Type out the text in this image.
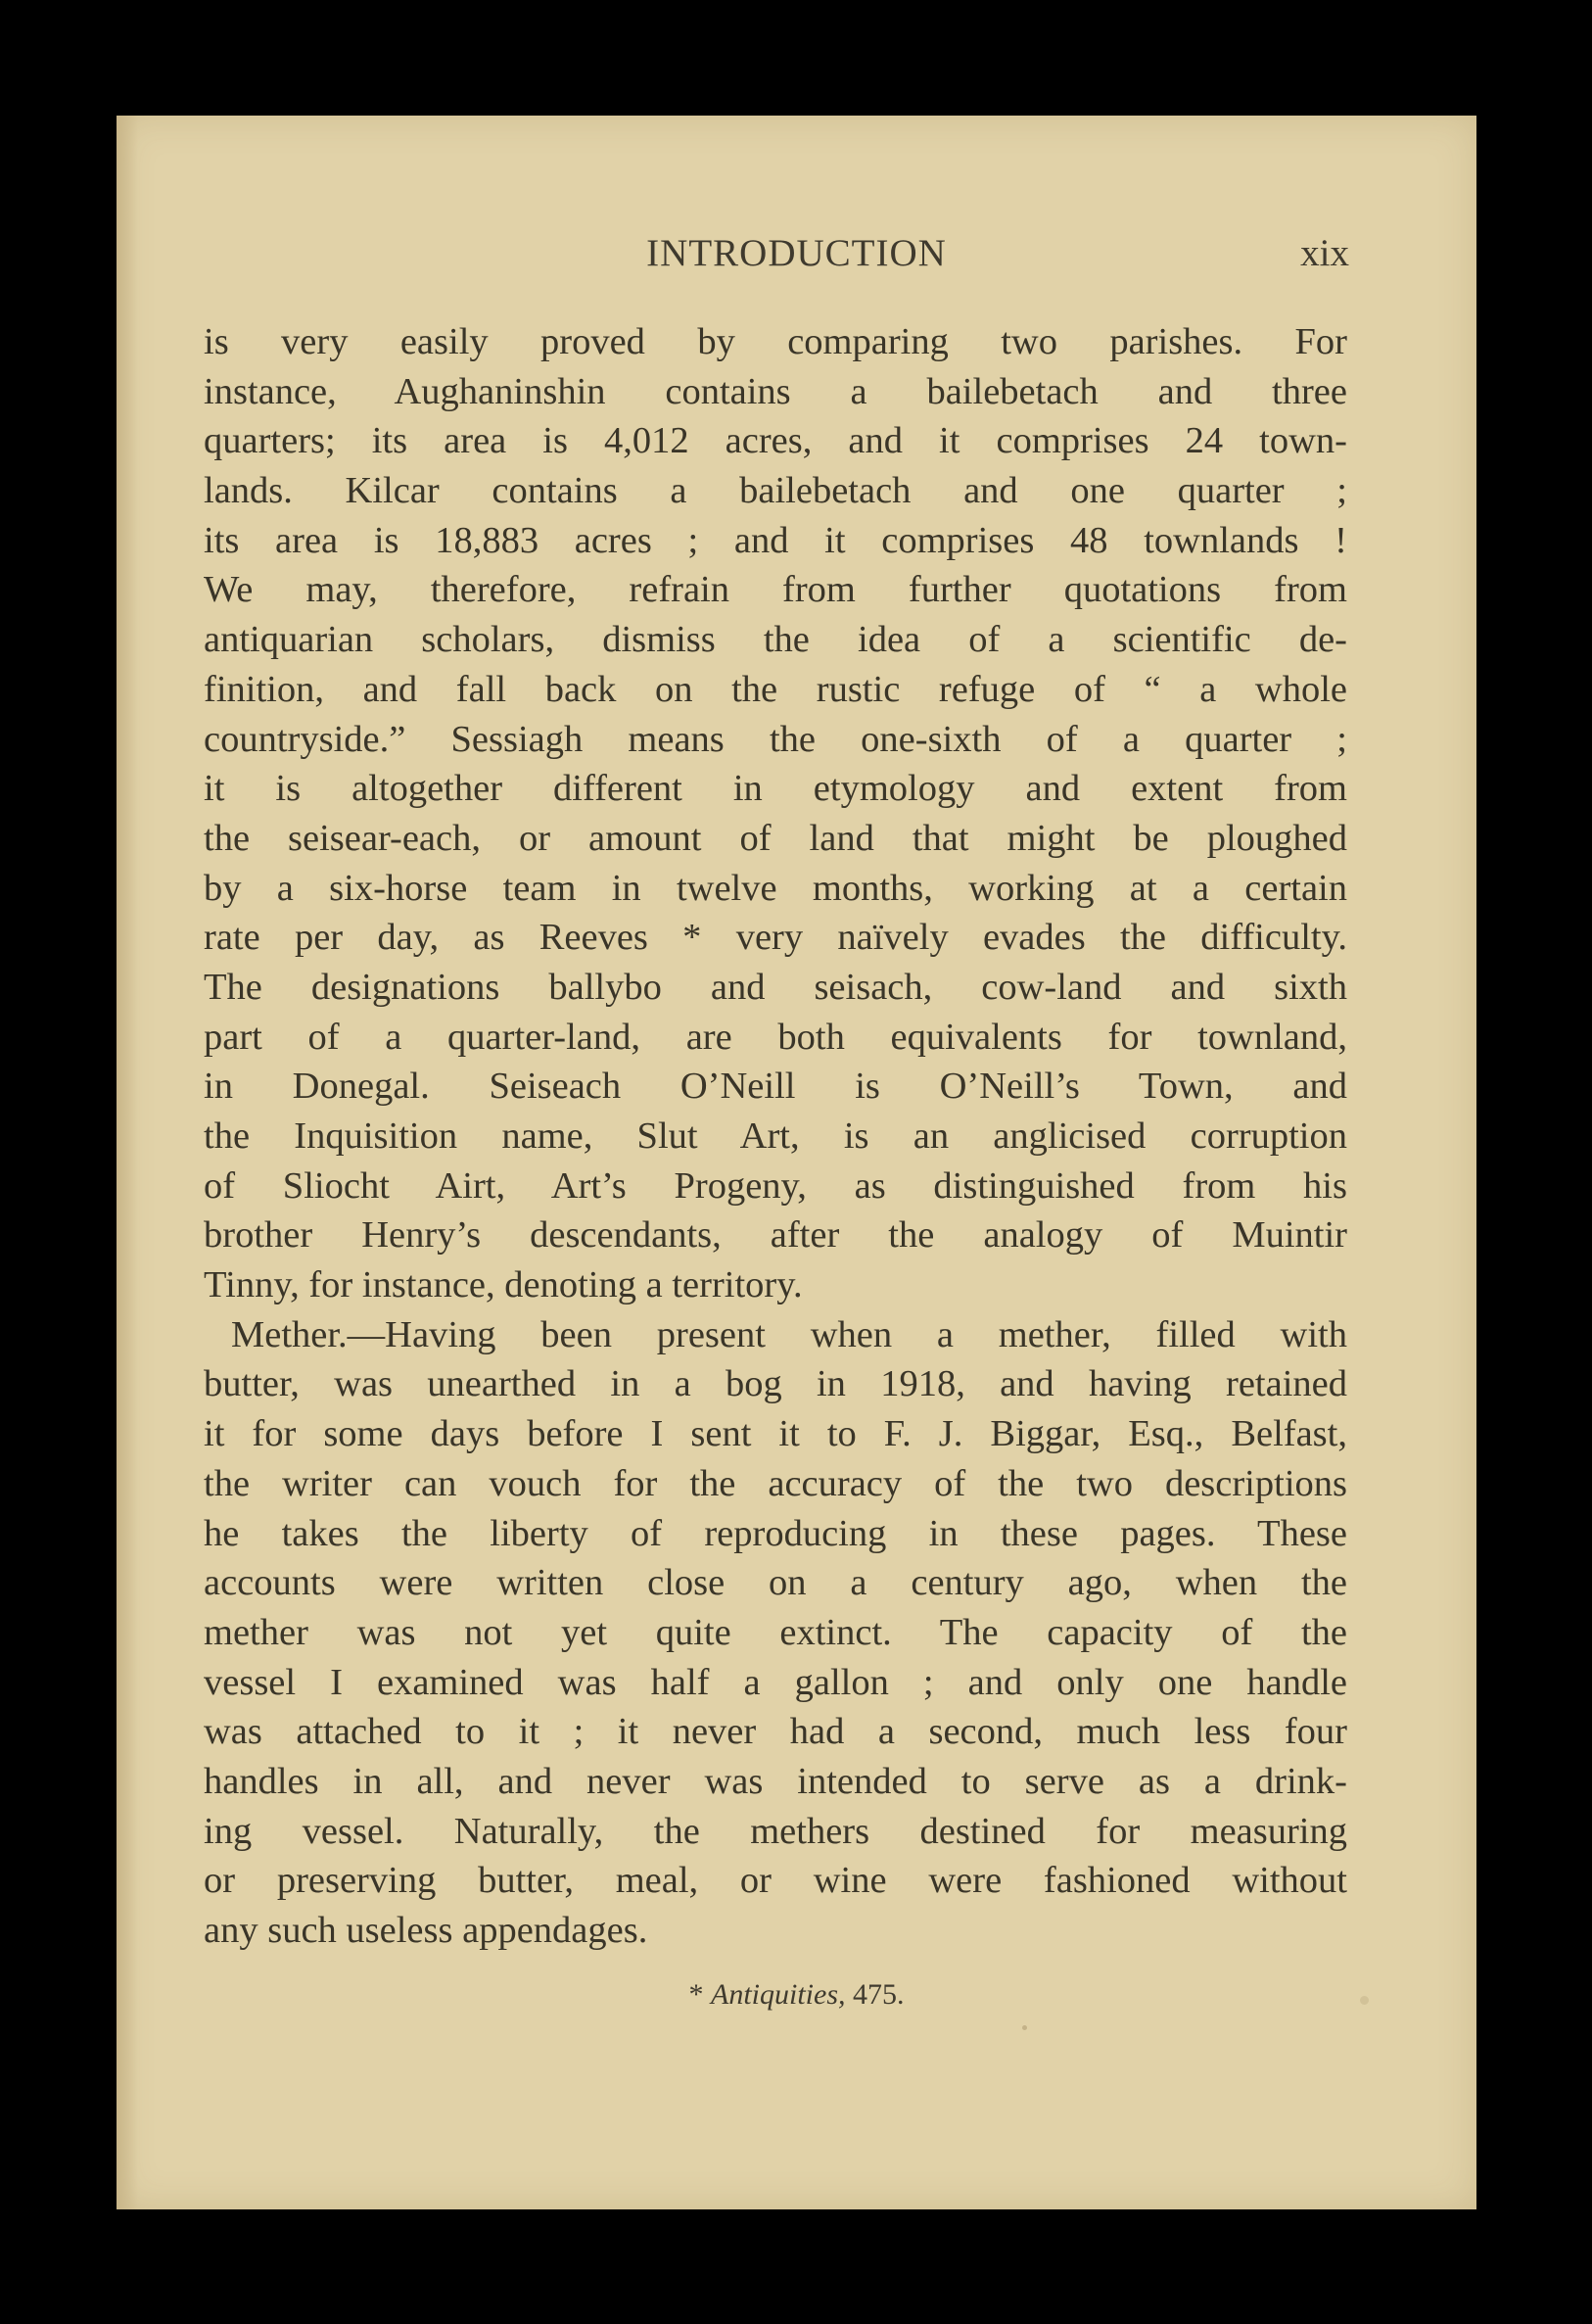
INTRODUCTION	xix
is very easily proved by comparing two parishes. For
instance, Aughaninshin contains a bailebetach and three
quarters; its area is 4,012 acres, and it comprises 24 town-
lands. Kilcar contains a bailebetach and one quarter ;
its area is 18,883 acres ; and it comprises 48 townlands !
We may, therefore, refrain from further quotations from
antiquarian scholars, dismiss the idea of a scientific de-
finition, and fall back on the rustic refuge of “ a whole
countryside.” Sessiagh means the one-sixth of a quarter ;
it is altogether different in etymology and extent from
the seisear-each, or amount of land that might be ploughed
by a six-horse team in twelve months, working at a certain
rate per day, as Reeves * very naïvely evades the difficulty.
The designations ballybo and seisach, cow-land and sixth
part of a quarter-land, are both equivalents for townland,
in Donegal. Seiseach O’Neill is O’Neill’s Town, and
the Inquisition name, Slut Art, is an anglicised corruption
of Sliocht Airt, Art’s Progeny, as distinguished from his
brother Henry’s descendants, after the analogy of Muintir
Tinny, for instance, denoting a territory.
Mether.—Having been present when a mether, filled with
butter, was unearthed in a bog in 1918, and having retained
it for some days before I sent it to F. J. Biggar, Esq., Belfast,
the writer can vouch for the accuracy of the two descriptions
he takes the liberty of reproducing in these pages. These
accounts were written close on a century ago, when the
mether was not yet quite extinct. The capacity of the
vessel I examined was half a gallon ; and only one handle
was attached to it ; it never had a second, much less four
handles in all, and never was intended to serve as a drink-
ing vessel. Naturally, the methers destined for measuring
or preserving butter, meal, or wine were fashioned without
any such useless appendages.
* Antiquities, 475.
